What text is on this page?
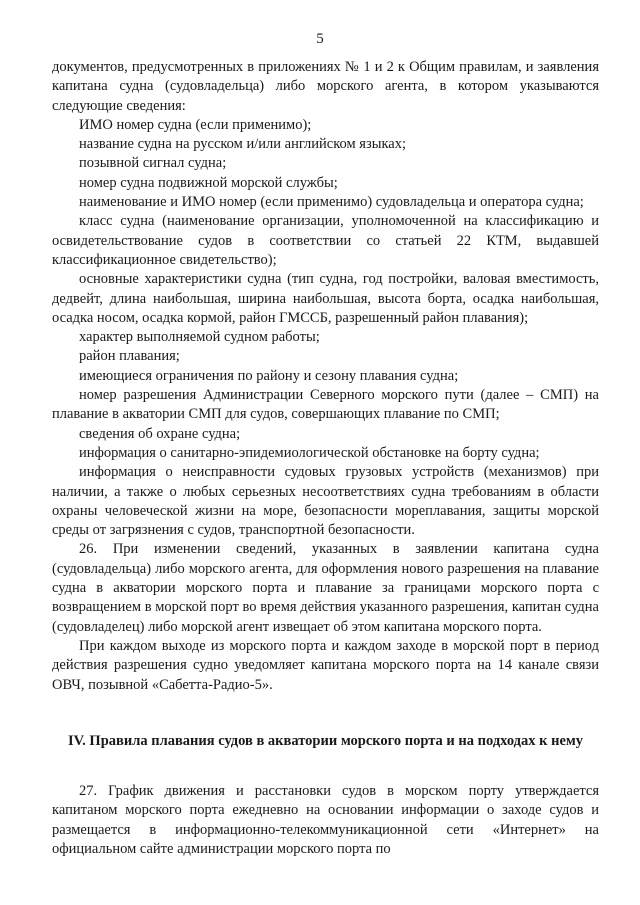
5

документов, предусмотренных в приложениях № 1 и 2 к Общим правилам, и заявления капитана судна (судовладельца) либо морского агента, в котором указываются следующие сведения:

ИМО номер судна (если применимо);

название судна на русском и/или английском языках;

позывной сигнал судна;

номер судна подвижной морской службы;

наименование и ИМО номер (если применимо) судовладельца и оператора судна;

класс судна (наименование организации, уполномоченной на классификацию и освидетельствование судов в соответствии со статьей 22 КТМ, выдавшей классификационное свидетельство);

основные характеристики судна (тип судна, год постройки, валовая вместимость, дедвейт, длина наибольшая, ширина наибольшая, высота борта, осадка наибольшая, осадка носом, осадка кормой, район ГМССБ, разрешенный район плавания);

характер выполняемой судном работы;

район плавания;

имеющиеся ограничения по району и сезону плавания судна;

номер разрешения Администрации Северного морского пути (далее – СМП) на плавание в акватории СМП для судов, совершающих плавание по СМП;

сведения об охране судна;

информация о санитарно-эпидемиологической обстановке на борту судна;

информация о неисправности судовых грузовых устройств (механизмов) при наличии, а также о любых серьезных несоответствиях судна требованиям в области охраны человеческой жизни на море, безопасности мореплавания, защиты морской среды от загрязнения с судов, транспортной безопасности.

26. При изменении сведений, указанных в заявлении капитана судна (судовладельца) либо морского агента, для оформления нового разрешения на плавание судна в акватории морского порта и плавание за границами морского порта с возвращением в морской порт во время действия указанного разрешения, капитан судна (судовладелец) либо морской агент извещает об этом капитана морского порта.

При каждом выходе из морского порта и каждом заходе в морской порт в период действия разрешения судно уведомляет капитана морского порта на 14 канале связи ОВЧ, позывной «Сабетта-Радио-5».

IV. Правила плавания судов в акватории морского порта и на подходах к нему

27. График движения и расстановки судов в морском порту утверждается капитаном морского порта ежедневно на основании информации о заходе судов и размещается в информационно-телекоммуникационной сети «Интернет» на официальном сайте администрации морского порта по
